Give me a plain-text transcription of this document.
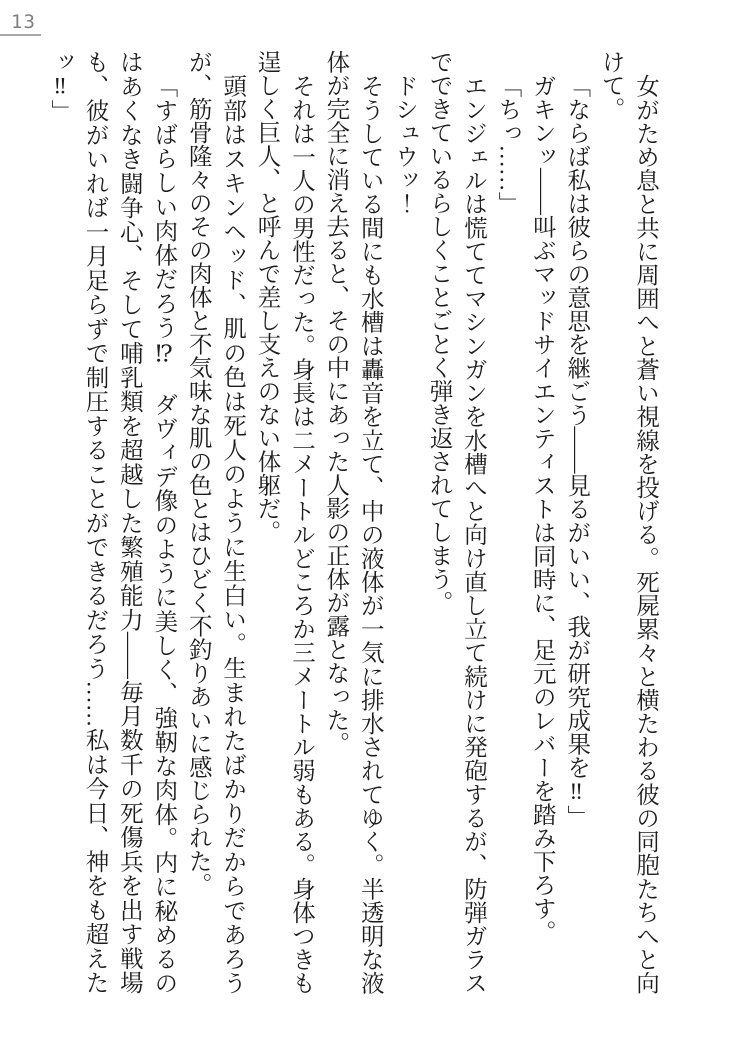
13

女がため息と共に周囲へと蒼い視線を投げる。死屍累々と横たわる彼の同胞たちへと向けて。

「ならば私は彼らの意思を継ごう——見るがいい、我が研究成果を‼」

ガキンッ——叫ぶマッドサイエンティストは同時に、足元のレバーを踏み下ろす。

「ちっ……」

エンジェルは慌ててマシンガンを水槽へと向け直し立て続けに発砲するが、防弾ガラスでできているらしくことごとく弾き返されてしまう。

ドシュウッ！

そうしている間にも水槽は轟音を立て、中の液体が一気に排水されてゆく。半透明な液体が完全に消え去ると、その中にあった人影の正体が露となった。

それは一人の男性だった。身長は二メートルどころか三メートル弱もある。身体つきも逞しく巨人、と呼んで差し支えのない体躯だ。

頭部はスキンヘッド、肌の色は死人のように生白い。生まれたばかりだからであろうが、筋骨隆々のその肉体と不気味な肌の色とはひどく不釣りあいに感じられた。

「すばらしい肉体だろう⁉　ダヴィデ像のように美しく、強靭な肉体。内に秘めるのはあくなき闘争心、そして哺乳類を超越した繁殖能力——毎月数千の死傷兵を出す戦場も、彼がいれば一月足らずで制圧することができるだろう……私は今日、神をも超えたッ‼」
